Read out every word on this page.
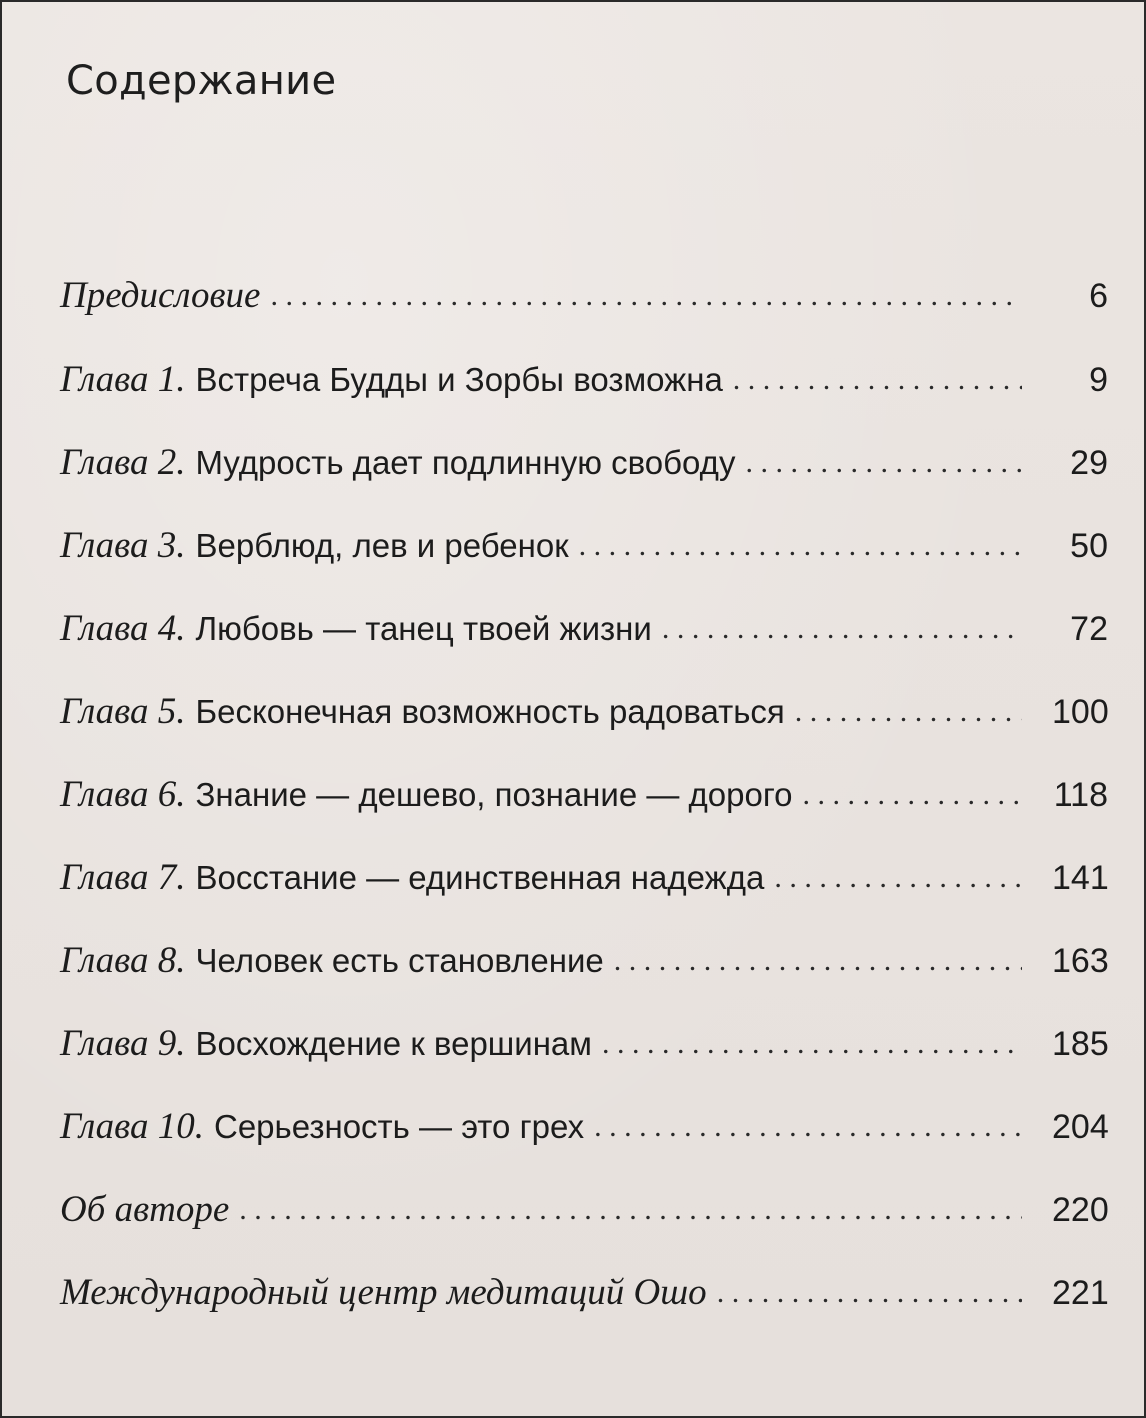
Содержание
Предисловие . . .	6
Глава 1. Встреча Будды и Зорбы возможна . . .	9
Глава 2. Мудрость дает подлинную свободу . . .	29
Глава 3. Верблюд, лев и ребенок . . .	50
Глава 4. Любовь — танец твоей жизни . . .	72
Глава 5. Бесконечная возможность радоваться . . .	100
Глава 6. Знание — дешево, познание — дорого . . .	118
Глава 7. Восстание — единственная надежда . . .	141
Глава 8. Человек есть становление . . .	163
Глава 9. Восхождение к вершинам . . .	185
Глава 10. Серьезность — это грех . . .	204
Об авторе . . .	220
Международный центр медитаций Ошо . . .	221
